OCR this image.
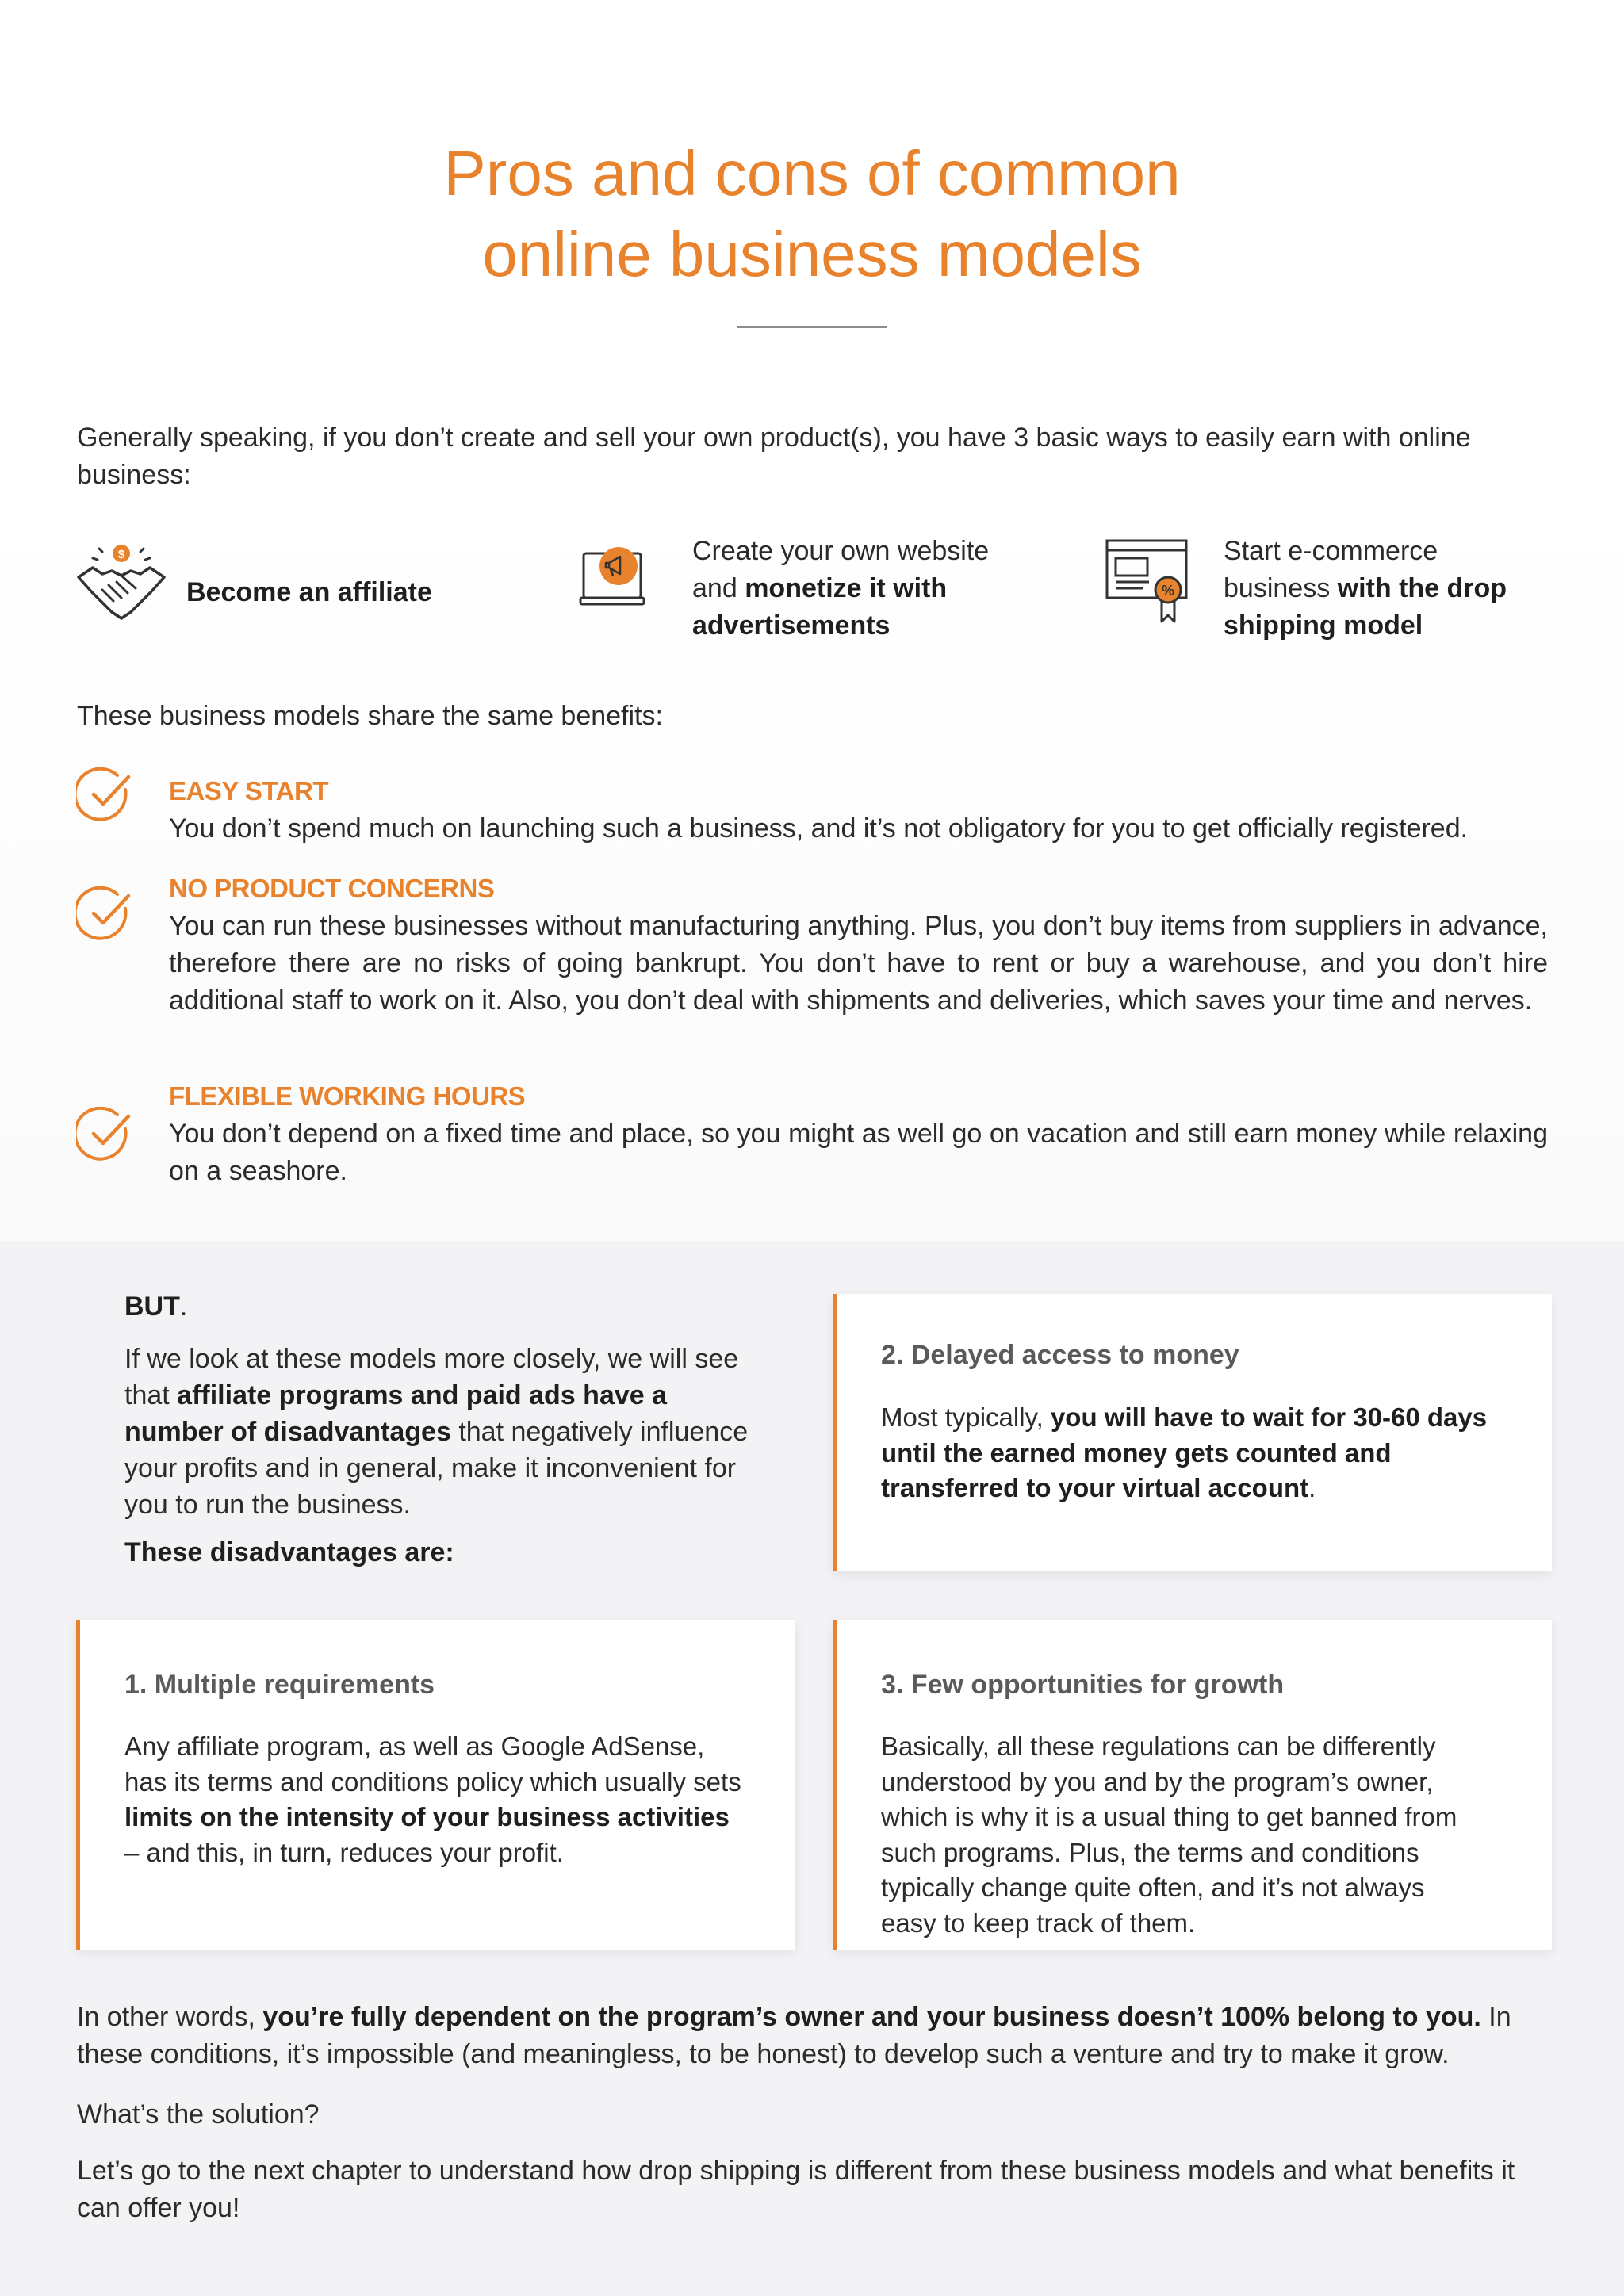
Pros and cons of common
online business models
Generally speaking, if you don’t create and sell your own product(s), you have 3 basic ways to easily earn with online business:
$
Become an affiliate
Create your own website
and monetize it with
advertisements
%
Start e-commerce
business with the drop
shipping model
These business models share the same benefits:
EASY START
You don’t spend much on launching such a business, and it’s not obligatory for you to get officially registered.
NO PRODUCT CONCERNS
You can run these businesses without manufacturing anything. Plus, you don’t buy items from suppliers in advance, therefore there are no risks of going bankrupt. You don’t have to rent or buy a warehouse, and you don’t hire additional staff to work on it. Also, you don’t deal with shipments and deliveries, which saves your time and nerves.
FLEXIBLE WORKING HOURS
You don’t depend on a fixed time and place, so you might as well go on vacation and still earn money while relaxing on a seashore.
BUT.
If we look at these models more closely, we will see that affiliate programs and paid ads have a number of disadvantages that negatively influence your profits and in general, make it inconvenient for you to run the business.
These disadvantages are:
2. Delayed access to money
Most typically, you will have to wait for 30-60 days until the earned money gets counted and transferred to your virtual account.
1. Multiple requirements
Any affiliate program, as well as Google AdSense, has its terms and conditions policy which usually sets limits on the intensity of your business activities – and this, in turn, reduces your profit.
3. Few opportunities for growth
Basically, all these regulations can be differently understood by you and by the program’s owner, which is why it is a usual thing to get banned from such programs. Plus, the terms and conditions typically change quite often, and it’s not always easy to keep track of them.
In other words, you’re fully dependent on the program’s owner and your business doesn’t 100% belong to you. In these conditions, it’s impossible (and meaningless, to be honest) to develop such a venture and try to make it grow.
What’s the solution?
Let’s go to the next chapter to understand how drop shipping is different from these business models and what benefits it can offer you!
